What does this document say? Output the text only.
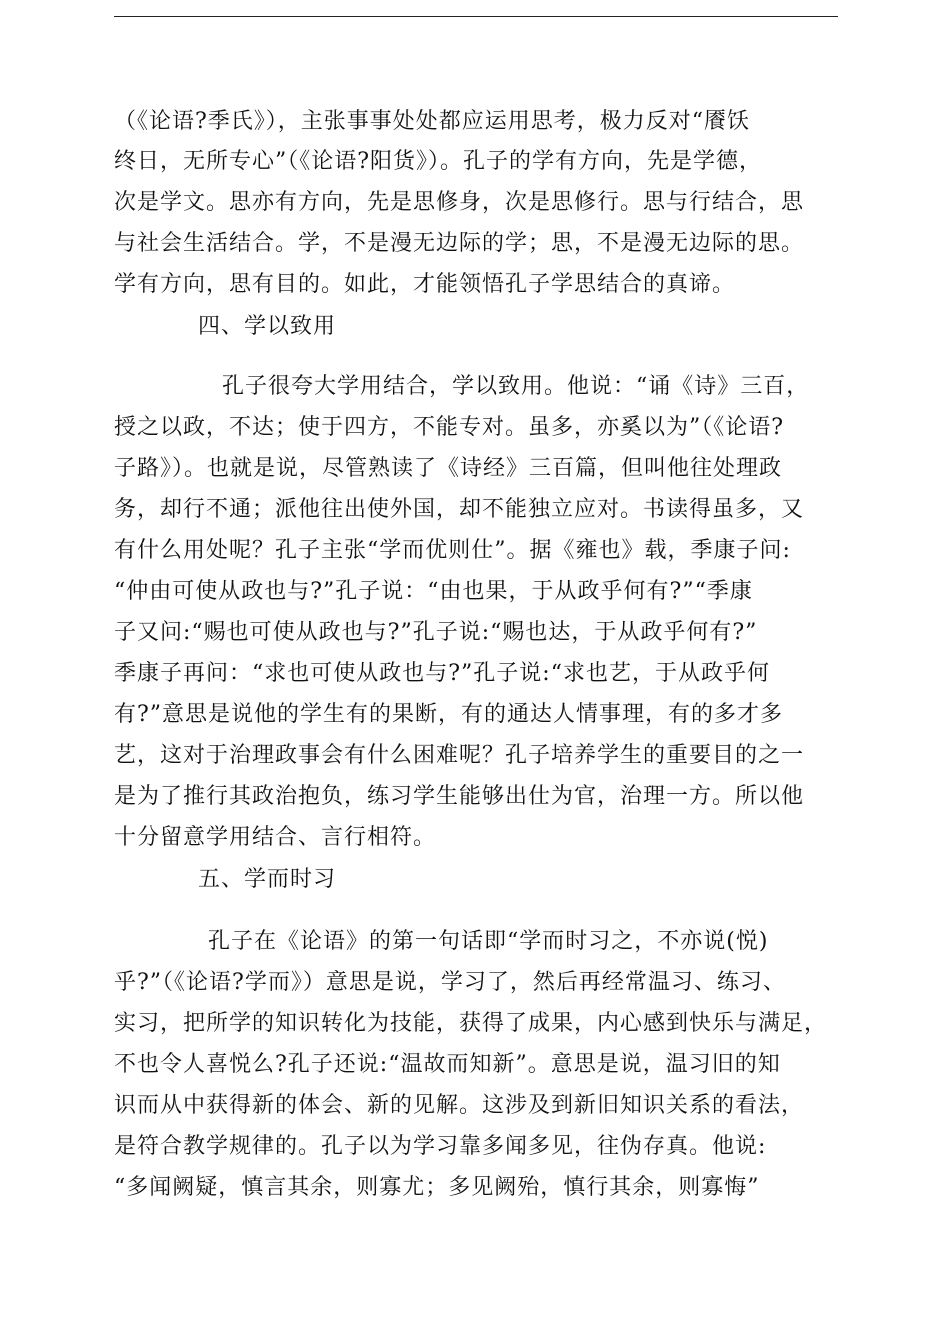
（《论语?季氏》），主张事事处处都应运用思考，极力反对“餍饫
终日，无所专心”（《论语?阳货》）。孔子的学有方向，先是学德，
次是学文。思亦有方向，先是思修身，次是思修行。思与行结合，思
与社会生活结合。学，不是漫无边际的学；思，不是漫无边际的思。
学有方向，思有目的。如此，才能领悟孔子学思结合的真谛。
四、学以致用
孔子很夸大学用结合，学以致用。他说：“诵《诗》三百，
授之以政，不达；使于四方，不能专对。虽多，亦奚以为”（《论语?
子路》）。也就是说，尽管熟读了《诗经》三百篇，但叫他往处理政
务，却行不通；派他往出使外国，却不能独立应对。书读得虽多，又
有什么用处呢？孔子主张“学而优则仕”。据《雍也》载，季康子问:
“仲由可使从政也与?”孔子说：“由也果，于从政乎何有?”“季康
子又问:“赐也可使从政也与?”孔子说:“赐也达，于从政乎何有?”
季康子再问：“求也可使从政也与?”孔子说:“求也艺，于从政乎何
有?”意思是说他的学生有的果断，有的通达人情事理，有的多才多
艺，这对于治理政事会有什么困难呢？孔子培养学生的重要目的之一
是为了推行其政治抱负，练习学生能够出仕为官，治理一方。所以他
十分留意学用结合、言行相符。
五、学而时习
孔子在《论语》的第一句话即“学而时习之，不亦说(悦)
乎?”（《论语?学而》）意思是说，学习了，然后再经常温习、练习、
实习，把所学的知识转化为技能，获得了成果，内心感到快乐与满足，
不也令人喜悦么?孔子还说:“温故而知新”。意思是说，温习旧的知
识而从中获得新的体会、新的见解。这涉及到新旧知识关系的看法，
是符合教学规律的。孔子以为学习靠多闻多见，往伪存真。他说:
“多闻阙疑，慎言其余，则寡尤；多见阙殆，慎行其余，则寡悔”
